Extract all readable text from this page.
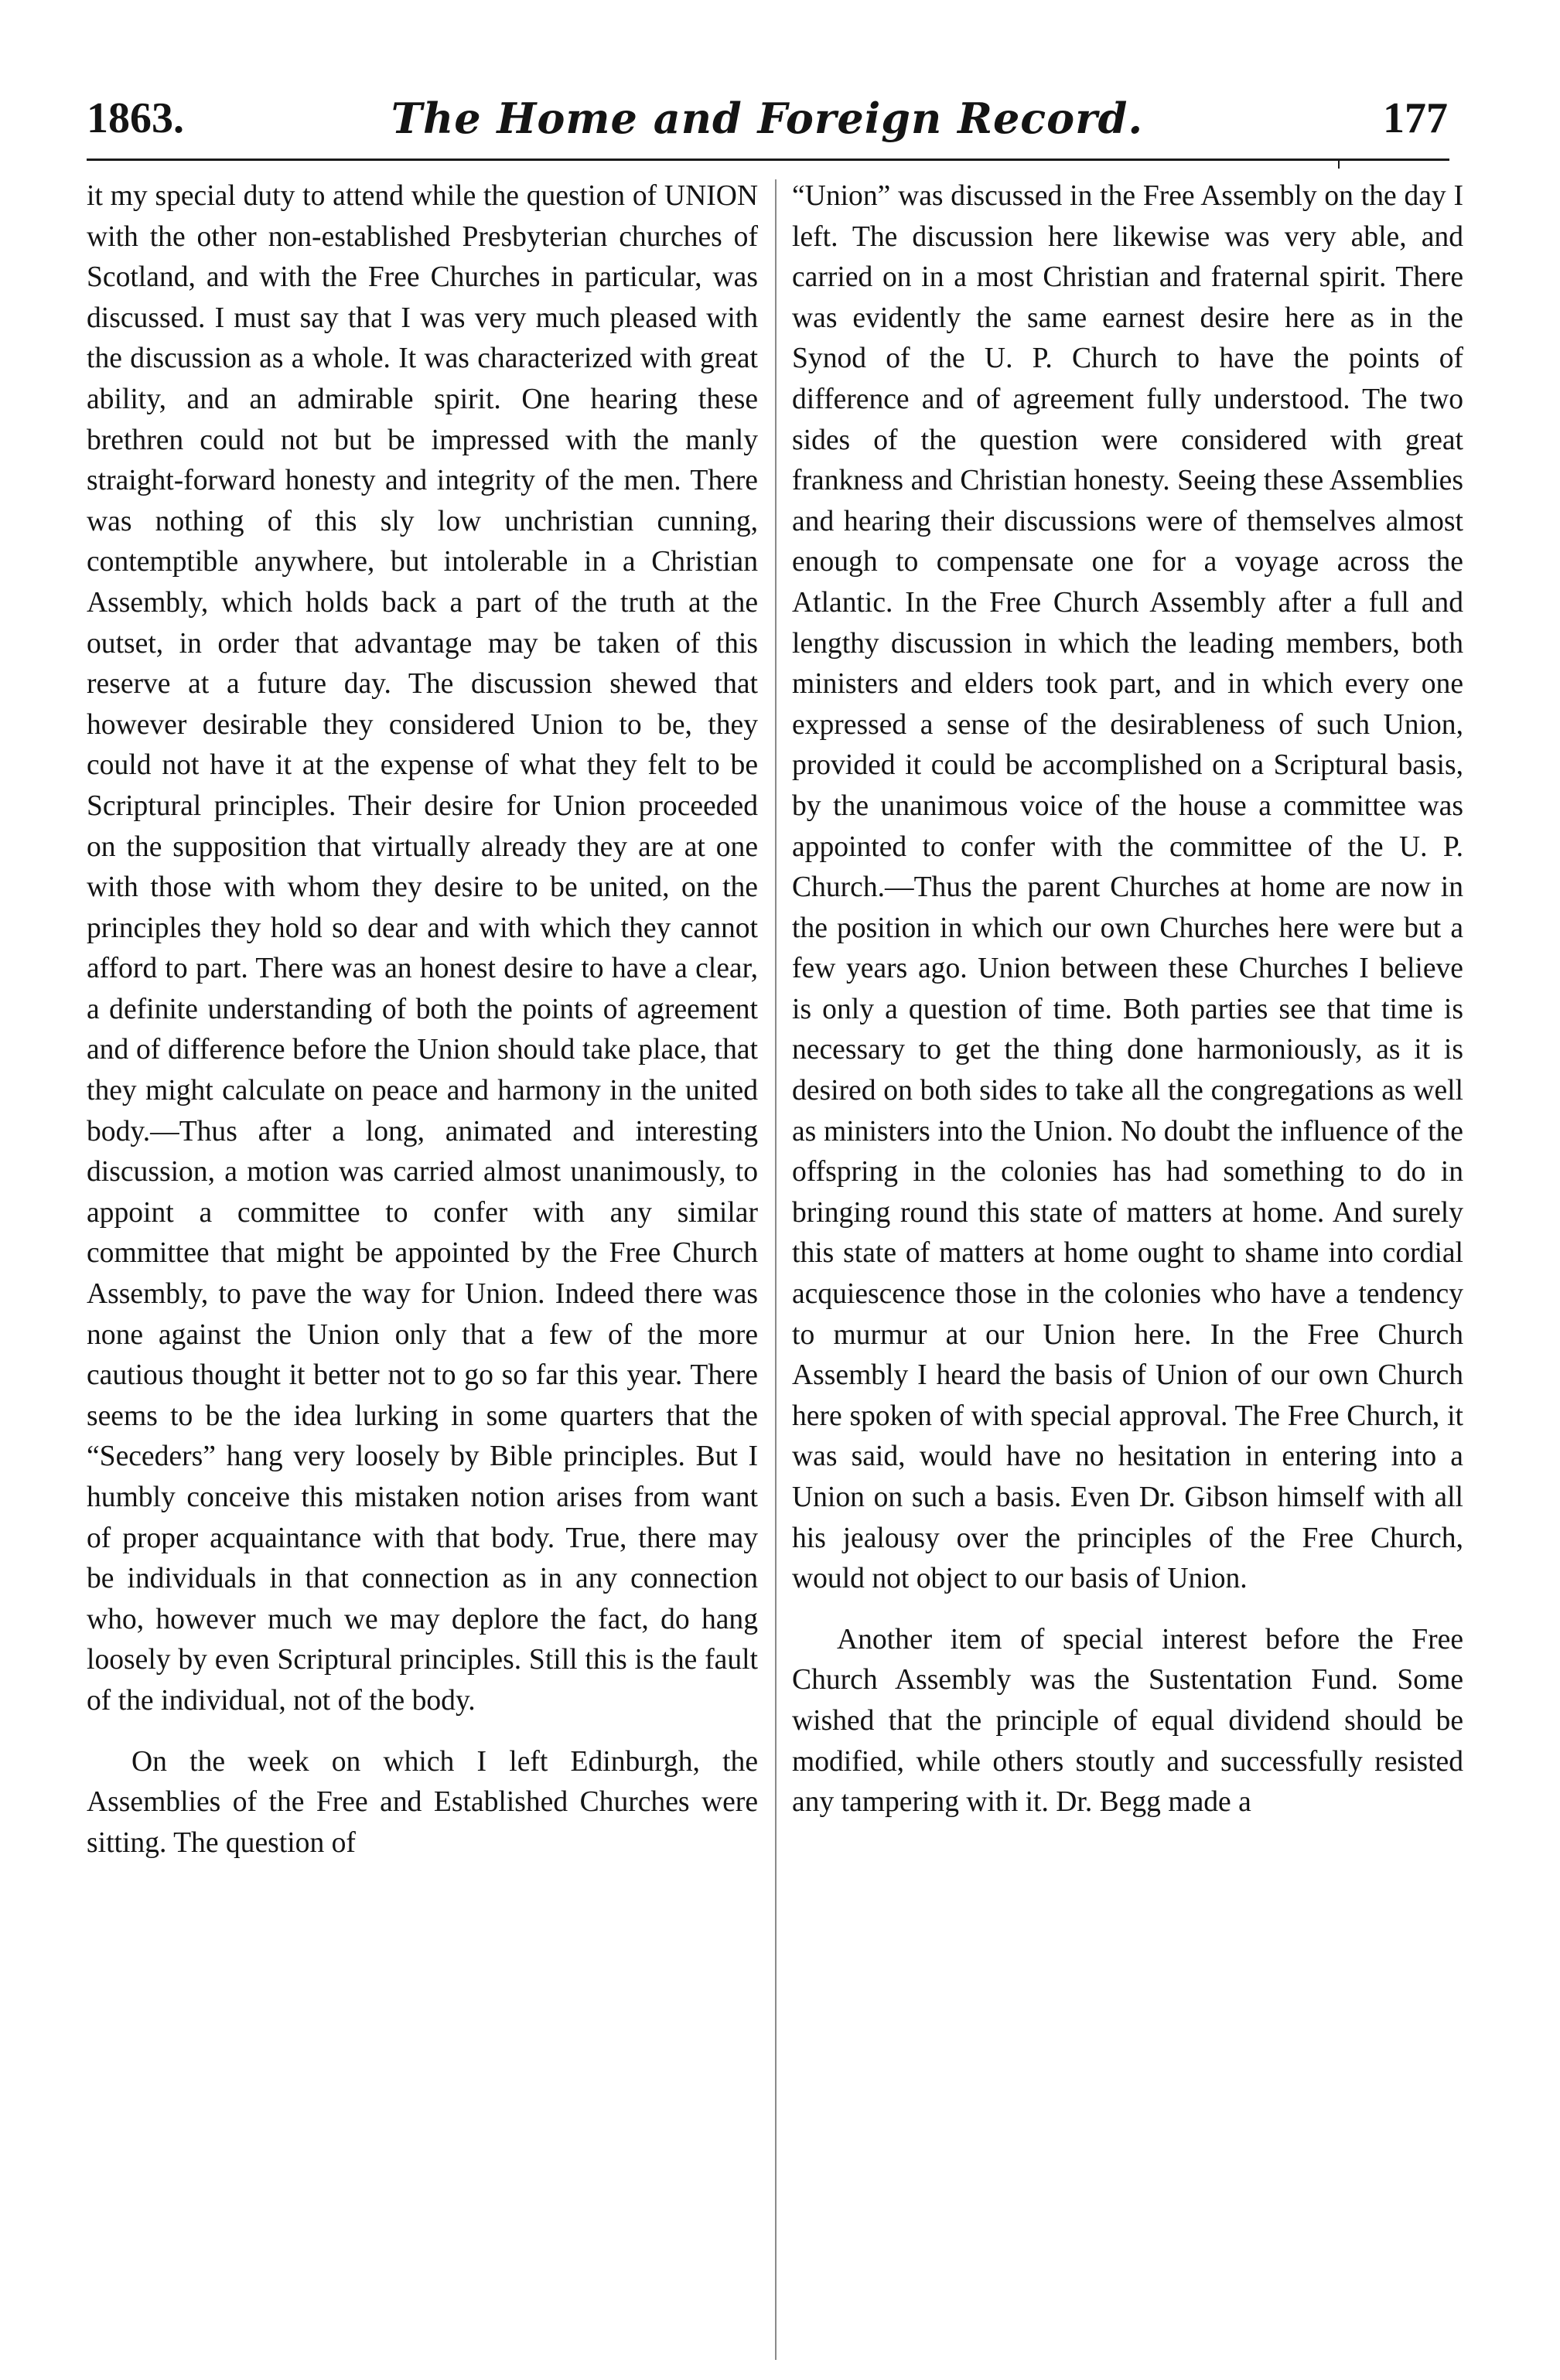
1863.	The Home and Foreign Record.	177

it my special duty to attend while the question of UNION with the other non-established Presbyterian churches of Scotland, and with the Free Churches in particular, was discussed. I must say that I was very much pleased with the discussion as a whole. It was characterized with great ability, and an admirable spirit. One hearing these brethren could not but be impressed with the manly straight-forward honesty and integrity of the men. There was nothing of this sly low unchristian cunning, contemptible anywhere, but intolerable in a Christian Assembly, which holds back a part of the truth at the outset, in order that advantage may be taken of this reserve at a future day. The discussion shewed that however desirable they considered Union to be, they could not have it at the expense of what they felt to be Scriptural principles. Their desire for Union proceeded on the supposition that virtually already they are at one with those with whom they desire to be united, on the principles they hold so dear and with which they cannot afford to part. There was an honest desire to have a clear, a definite understanding of both the points of agreement and of difference before the Union should take place, that they might calculate on peace and harmony in the united body.—Thus after a long, animated and interesting discussion, a motion was carried almost unanimously, to appoint a committee to confer with any similar committee that might be appointed by the Free Church Assembly, to pave the way for Union. Indeed there was none against the Union only that a few of the more cautious thought it better not to go so far this year. There seems to be the idea lurking in some quarters that the “Seceders” hang very loosely by Bible principles. But I humbly conceive this mistaken notion arises from want of proper acquaintance with that body. True, there may be individuals in that connection as in any connection who, however much we may deplore the fact, do hang loosely by even Scriptural principles. Still this is the fault of the individual, not of the body.

On the week on which I left Edinburgh, the Assemblies of the Free and Established Churches were sitting. The question of

“Union” was discussed in the Free Assembly on the day I left. The discussion here likewise was very able, and carried on in a most Christian and fraternal spirit. There was evidently the same earnest desire here as in the Synod of the U. P. Church to have the points of difference and of agreement fully understood. The two sides of the question were considered with great frankness and Christian honesty. Seeing these Assemblies and hearing their discussions were of themselves almost enough to compensate one for a voyage across the Atlantic. In the Free Church Assembly after a full and lengthy discussion in which the leading members, both ministers and elders took part, and in which every one expressed a sense of the desirableness of such Union, provided it could be accomplished on a Scriptural basis, by the unanimous voice of the house a committee was appointed to confer with the committee of the U. P. Church.—Thus the parent Churches at home are now in the position in which our own Churches here were but a few years ago. Union between these Churches I believe is only a question of time. Both parties see that time is necessary to get the thing done harmoniously, as it is desired on both sides to take all the congregations as well as ministers into the Union. No doubt the influence of the offspring in the colonies has had something to do in bringing round this state of matters at home. And surely this state of matters at home ought to shame into cordial acquiescence those in the colonies who have a tendency to murmur at our Union here. In the Free Church Assembly I heard the basis of Union of our own Church here spoken of with special approval. The Free Church, it was said, would have no hesitation in entering into a Union on such a basis. Even Dr. Gibson himself with all his jealousy over the principles of the Free Church, would not object to our basis of Union.

Another item of special interest before the Free Church Assembly was the Sustentation Fund. Some wished that the principle of equal dividend should be modified, while others stoutly and successfully resisted any tampering with it. Dr. Begg made a
